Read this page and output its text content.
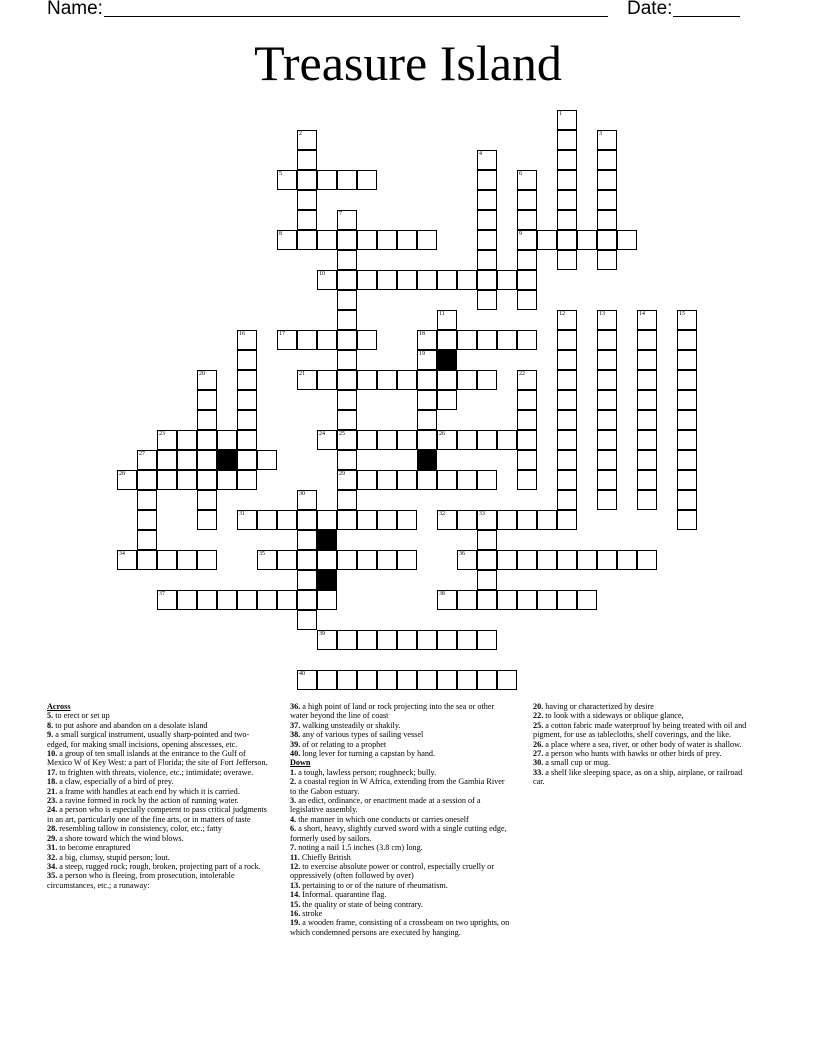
Name:	Date:
Treasure Island
5
8	9
10
17	18
21
23	24 25	26
27
28	29
31	32	33
34	35	36
37	38
39
40
1
2	3
4
6
7
11	12	13	14	15
16
19
20	22
30
Across
5. to erect or set up
8. to put ashore and abandon on a desolate island
9. a small surgical instrument, usually sharp-pointed and two-edged, for making small incisions, opening abscesses, etc.
10. a group of ten small islands at the entrance to the Gulf of Mexico W of Key West: a part of Florida; the site of Fort Jefferson.
17. to frighten with threats, violence, etc.; intimidate; overawe.
18. a claw, especially of a bird of prey.
21. a frame with handles at each end by which it is carried.
23. a ravine formed in rock by the action of running water.
24. a person who is especially competent to pass critical judgments in an art, particularly one of the fine arts, or in matters of taste
28. resembling tallow in consistency, color, etc.; fatty
29. a shore toward which the wind blows.
31. to become enraptured
32. a big, clumsy, stupid person; lout.
34. a steep, rugged rock; rough, broken, projecting part of a rock.
35. a person who is fleeing, from prosecution, intolerable circumstances, etc.; a runaway:
36. a high point of land or rock projecting into the sea or other water beyond the line of coast
37. walking unsteadily or shakily.
38. any of various types of sailing vessel
39. of or relating to a prophet
40. long lever for turning a capstan by hand.
Down
1. a tough, lawless person; roughneck; bully.
2. a coastal region in W Africa, extending from the Gambia River to the Gabon estuary.
3. an edict, ordinance, or enactment made at a session of a legislative assembly.
4. the manner in which one conducts or carries oneself
6. a short, heavy, slightly curved sword with a single cutting edge, formerly used by sailors.
7. noting a nail 1.5 inches (3.8 cm) long.
11. Chiefly British
12. to exercise absolute power or control, especially cruelly or oppressively (often followed by over)
13. pertaining to or of the nature of rheumatism.
14. Informal. quarantine flag.
15. the quality or state of being contrary.
16. stroke
19. a wooden frame, consisting of a crossbeam on two uprights, on which condemned persons are executed by hanging.
20. having or characterized by desire
22. to look with a sideways or oblique glance,
25. a cotton fabric made waterproof by being treated with oil and pigment, for use as tablecloths, shelf coverings, and the like.
26. a place where a sea, river, or other body of water is shallow.
27. a person who hunts with hawks or other birds of prey.
30. a small cup or mug.
33. a shelf like sleeping space, as on a ship, airplane, or railroad car.
